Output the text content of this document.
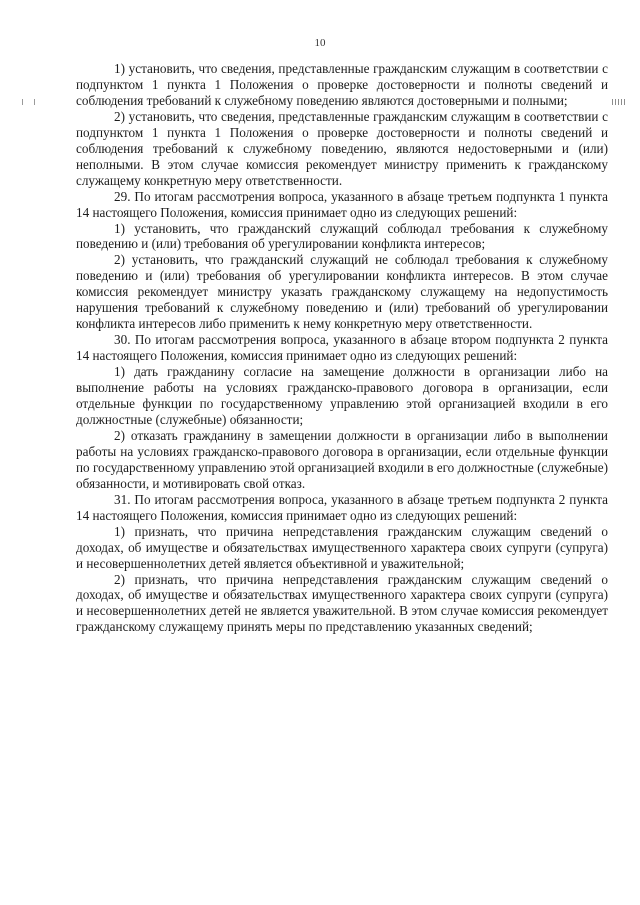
10

1) установить, что сведения, представленные гражданским служащим в соответствии с подпунктом 1 пункта 1 Положения о проверке достоверности и полноты сведений и соблюдения требований к служебному поведению являются достоверными и полными;

2) установить, что сведения, представленные гражданским служащим в соответствии с подпунктом 1 пункта 1 Положения о проверке достоверности и полноты сведений и соблюдения требований к служебному поведению, являются недостоверными и (или) неполными. В этом случае комиссия рекомендует министру применить к гражданскому служащему конкретную меру ответственности.

29. По итогам рассмотрения вопроса, указанного в абзаце третьем подпункта 1 пункта 14 настоящего Положения, комиссия принимает одно из следующих решений:

1) установить, что гражданский служащий соблюдал требования к служебному поведению и (или) требования об урегулировании конфликта интересов;

2) установить, что гражданский служащий не соблюдал требования к служебному поведению и (или) требования об урегулировании конфликта интересов. В этом случае комиссия рекомендует министру указать гражданскому служащему на недопустимость нарушения требований к служебному поведению и (или) требований об урегулировании конфликта интересов либо применить к нему конкретную меру ответственности.

30. По итогам рассмотрения вопроса, указанного в абзаце втором подпункта 2 пункта 14 настоящего Положения, комиссия принимает одно из следующих решений:

1) дать гражданину согласие на замещение должности в организации либо на выполнение работы на условиях гражданско-правового договора в организации, если отдельные функции по государственному управлению этой организацией входили в его должностные (служебные) обязанности;

2) отказать гражданину в замещении должности в организации либо в выполнении работы на условиях гражданско-правового договора в организации, если отдельные функции по государственному управлению этой организацией входили в его должностные (служебные) обязанности, и мотивировать свой отказ.

31. По итогам рассмотрения вопроса, указанного в абзаце третьем подпункта 2 пункта 14 настоящего Положения, комиссия принимает одно из следующих решений:

1) признать, что причина непредставления гражданским служащим сведений о доходах, об имуществе и обязательствах имущественного характера своих супруги (супруга) и несовершеннолетних детей является объективной и уважительной;

2) признать, что причина непредставления гражданским служащим сведений о доходах, об имуществе и обязательствах имущественного характера своих супруги (супруга) и несовершеннолетних детей не является уважительной. В этом случае комиссия рекомендует гражданскому служащему принять меры по представлению указанных сведений;
